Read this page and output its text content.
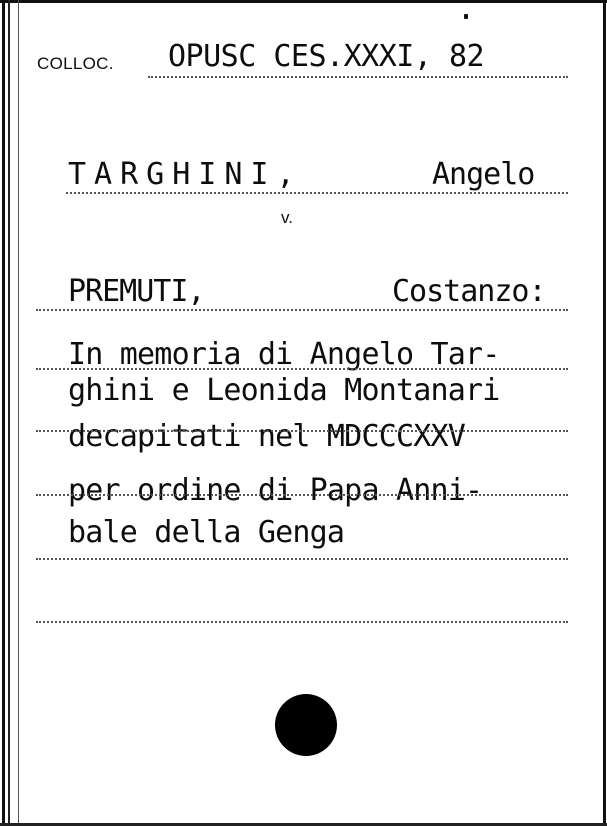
COLLOC. OPUSC CES.XXXI, 82
TARGHINI,	Angelo
v.
PREMUTI,	Costanzo:
In memoria di Angelo Tar-
ghini e Leonida Montanari
decapitati nel MDCCCXXV
per ordine di Papa Anni-
bale della Genga
